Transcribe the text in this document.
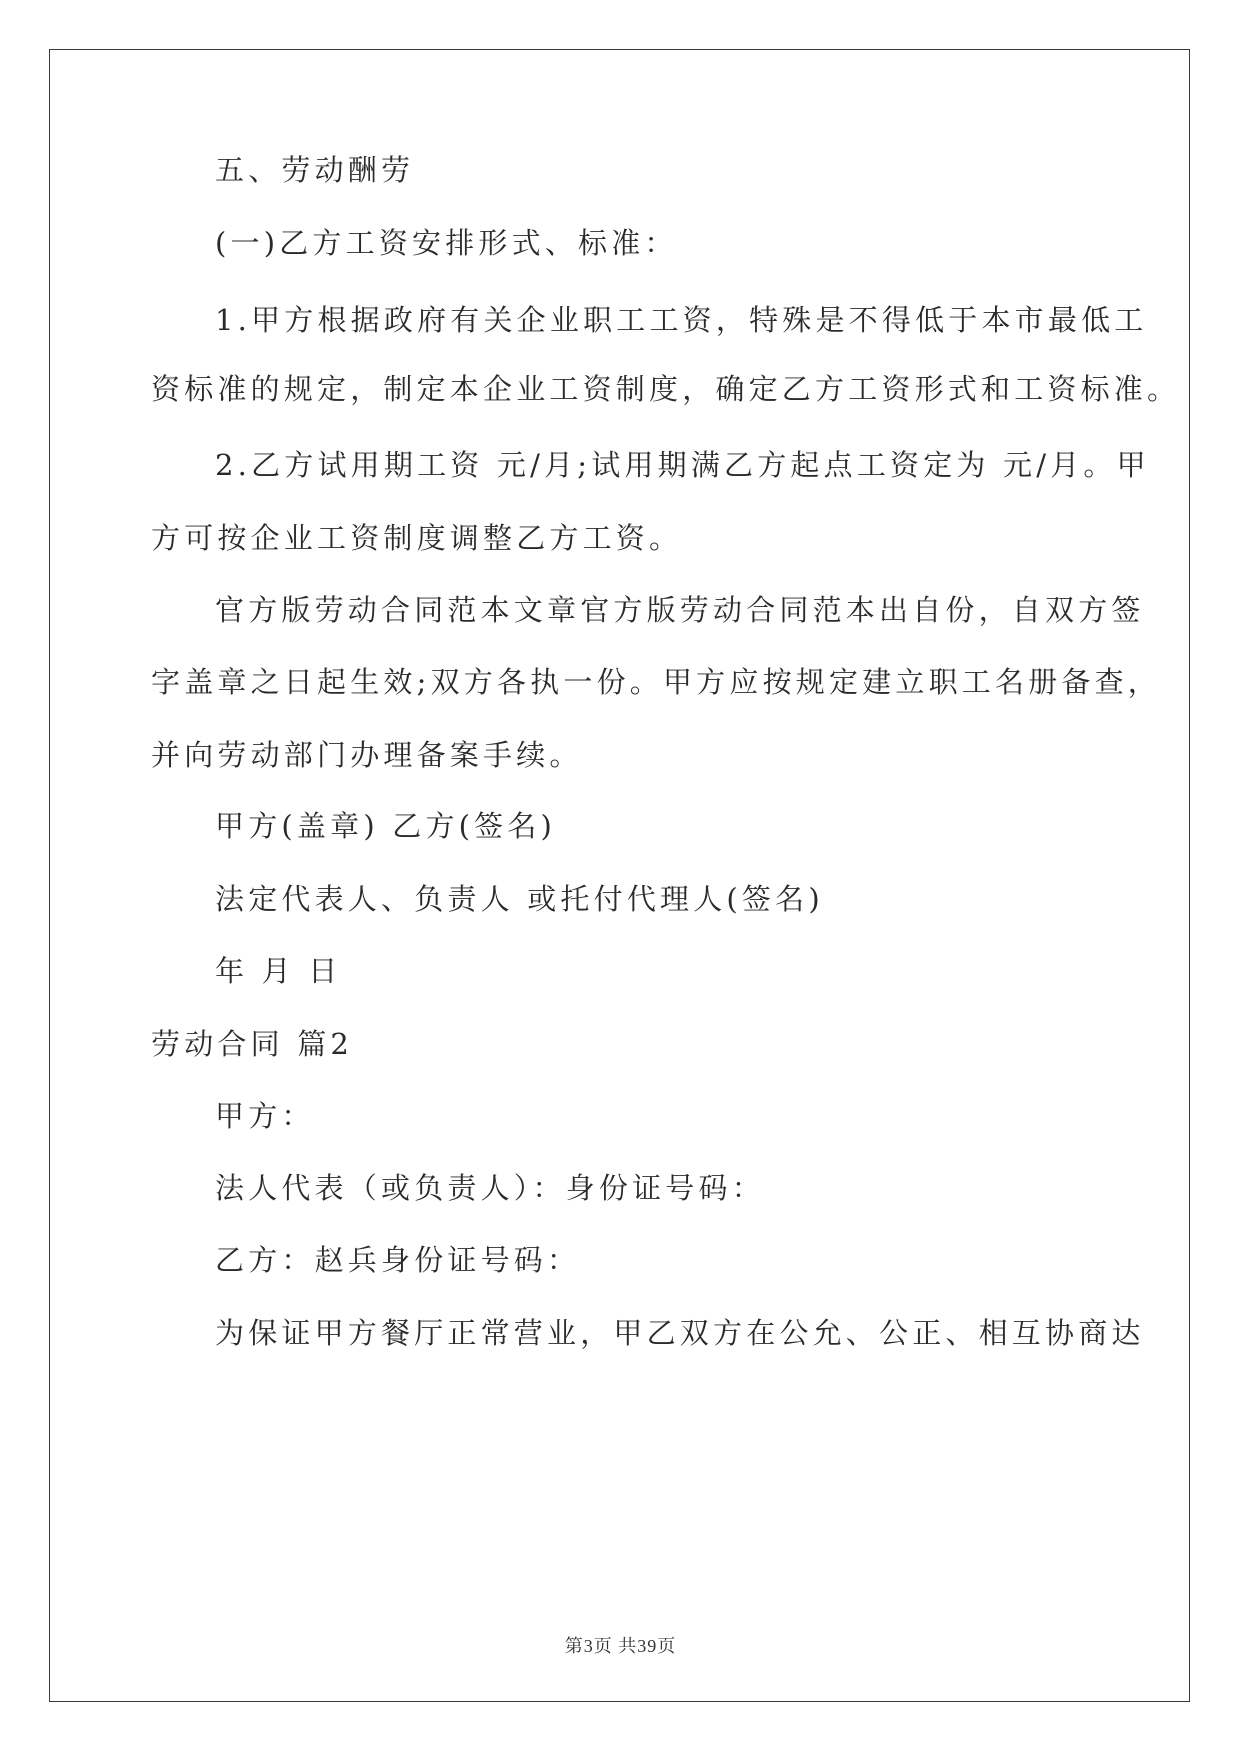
五、劳动酬劳
(一)乙方工资安排形式、标准：
1.甲方根据政府有关企业职工工资，特殊是不得低于本市最低工
资标准的规定，制定本企业工资制度，确定乙方工资形式和工资标准。
2.乙方试用期工资 元/月;试用期满乙方起点工资定为 元/月。甲
方可按企业工资制度调整乙方工资。
官方版劳动合同范本文章官方版劳动合同范本出自份，自双方签
字盖章之日起生效;双方各执一份。甲方应按规定建立职工名册备查，
并向劳动部门办理备案手续。
甲方(盖章) 乙方(签名)
法定代表人、负责人 或托付代理人(签名)
年 月 日
劳动合同 篇2
甲方：
法人代表（或负责人）：身份证号码：
乙方：赵兵身份证号码：
为保证甲方餐厅正常营业，甲乙双方在公允、公正、相互协商达
第3页 共39页
